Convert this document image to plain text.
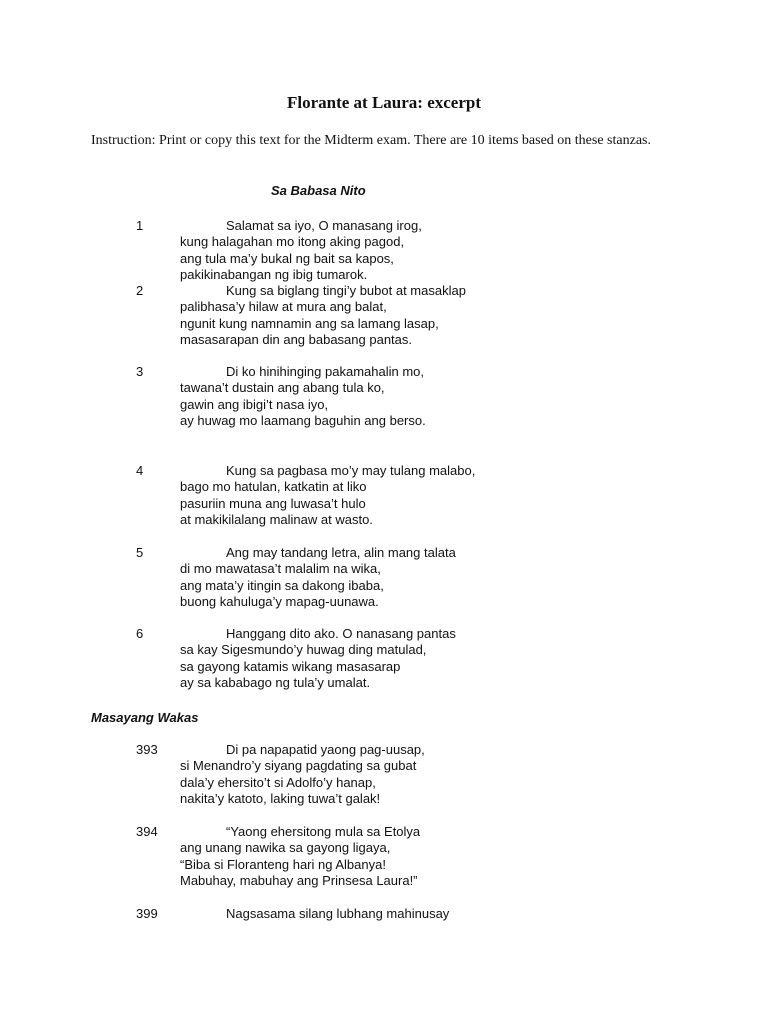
Florante at Laura: excerpt
Instruction: Print or copy this text for the Midterm exam. There are 10 items based on these stanzas.
Sa Babasa Nito
1	Salamat sa iyo, O manasang irog,
kung halagahan mo itong aking pagod,
ang tula ma’y bukal ng bait sa kapos,
pakikinabangan ng ibig tumarok.
2	Kung sa biglang tingi’y bubot at masaklap
palibhasa’y hilaw at mura ang balat,
ngunit kung namnamin ang sa lamang lasap,
masasarapan din ang babasang pantas.
3	Di ko hinihinging pakamahalin mo,
tawana’t dustain ang abang tula ko,
gawin ang ibigi’t nasa iyo,
ay huwag mo laamang baguhin ang berso.
4	Kung sa pagbasa mo’y may tulang malabo,
bago mo hatulan, katkatin at liko
pasuriin muna ang luwasa’t hulo
at makikilalang malinaw at wasto.
5	Ang may tandang letra, alin mang talata
di mo mawatasa’t malalim na wika,
ang mata’y itingin sa dakong ibaba,
buong kahuluga’y mapag-uunawa.
6	Hanggang dito ako. O nanasang pantas
sa kay Sigesmundo’y huwag ding matulad,
sa gayong katamis wikang masasarap
ay sa kababago ng tula’y umalat.
Masayang Wakas
393	Di pa napapatid yaong pag-uusap,
si Menandro’y siyang pagdating sa gubat
dala’y ehersito’t si Adolfo’y hanap,
nakita’y katoto, laking tuwa’t galak!
394	“Yaong ehersitong mula sa Etolya
ang unang nawika sa gayong ligaya,
“Biba si Floranteng hari ng Albanya!
Mabuhay, mabuhay ang Prinsesa Laura!”
399	Nagsasama silang lubhang mahinusay
